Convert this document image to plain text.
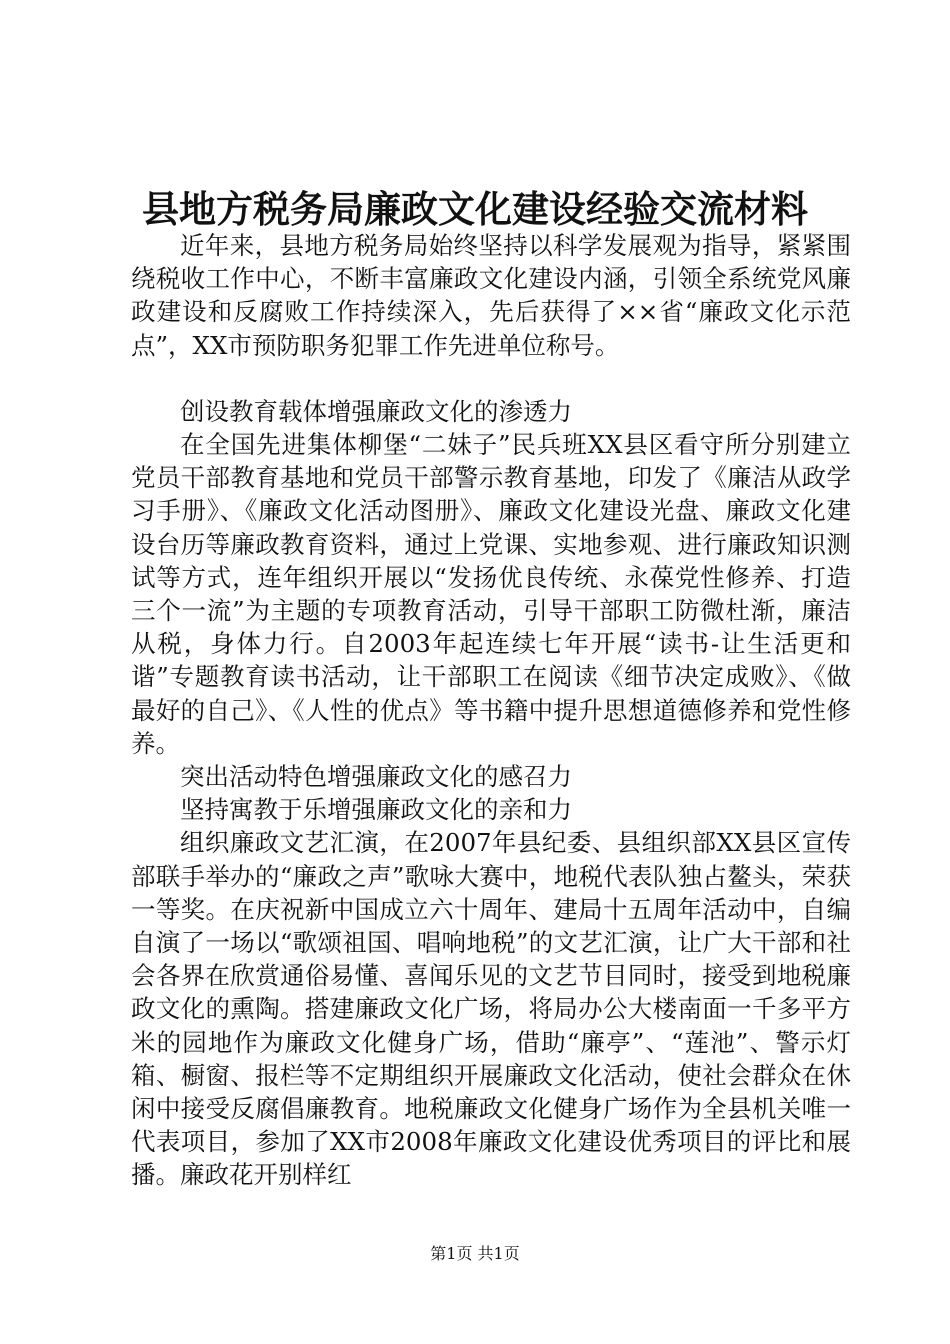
县地方税务局廉政文化建设经验交流材料

近年来，县地方税务局始终坚持以科学发展观为指导，紧紧围绕税收工作中心，不断丰富廉政文化建设内涵，引领全系统党风廉政建设和反腐败工作持续深入，先后获得了××省“廉政文化示范点”，XX市预防职务犯罪工作先进单位称号。

创设教育载体增强廉政文化的渗透力

在全国先进集体柳堡“二妹子”民兵班XX县区看守所分别建立党员干部教育基地和党员干部警示教育基地，印发了《廉洁从政学习手册》、《廉政文化活动图册》、廉政文化建设光盘、廉政文化建设台历等廉政教育资料，通过上党课、实地参观、进行廉政知识测试等方式，连年组织开展以“发扬优良传统、永葆党性修养、打造三个一流”为主题的专项教育活动，引导干部职工防微杜渐，廉洁从税，身体力行。自2003年起连续七年开展“读书-让生活更和谐”专题教育读书活动，让干部职工在阅读《细节决定成败》、《做最好的自己》、《人性的优点》等书籍中提升思想道德修养和党性修养。

突出活动特色增强廉政文化的感召力

坚持寓教于乐增强廉政文化的亲和力

组织廉政文艺汇演，在2007年县纪委、县组织部XX县区宣传部联手举办的“廉政之声”歌咏大赛中，地税代表队独占鳌头，荣获一等奖。在庆祝新中国成立六十周年、建局十五周年活动中，自编自演了一场以“歌颂祖国、唱响地税”的文艺汇演，让广大干部和社会各界在欣赏通俗易懂、喜闻乐见的文艺节目同时，接受到地税廉政文化的熏陶。搭建廉政文化广场，将局办公大楼南面一千多平方米的园地作为廉政文化健身广场，借助“廉亭”、“莲池”、警示灯箱、橱窗、报栏等不定期组织开展廉政文化活动，使社会群众在休闲中接受反腐倡廉教育。地税廉政文化健身广场作为全县机关唯一代表项目，参加了XX市2008年廉政文化建设优秀项目的评比和展播。廉政花开别样红

第1页 共1页
